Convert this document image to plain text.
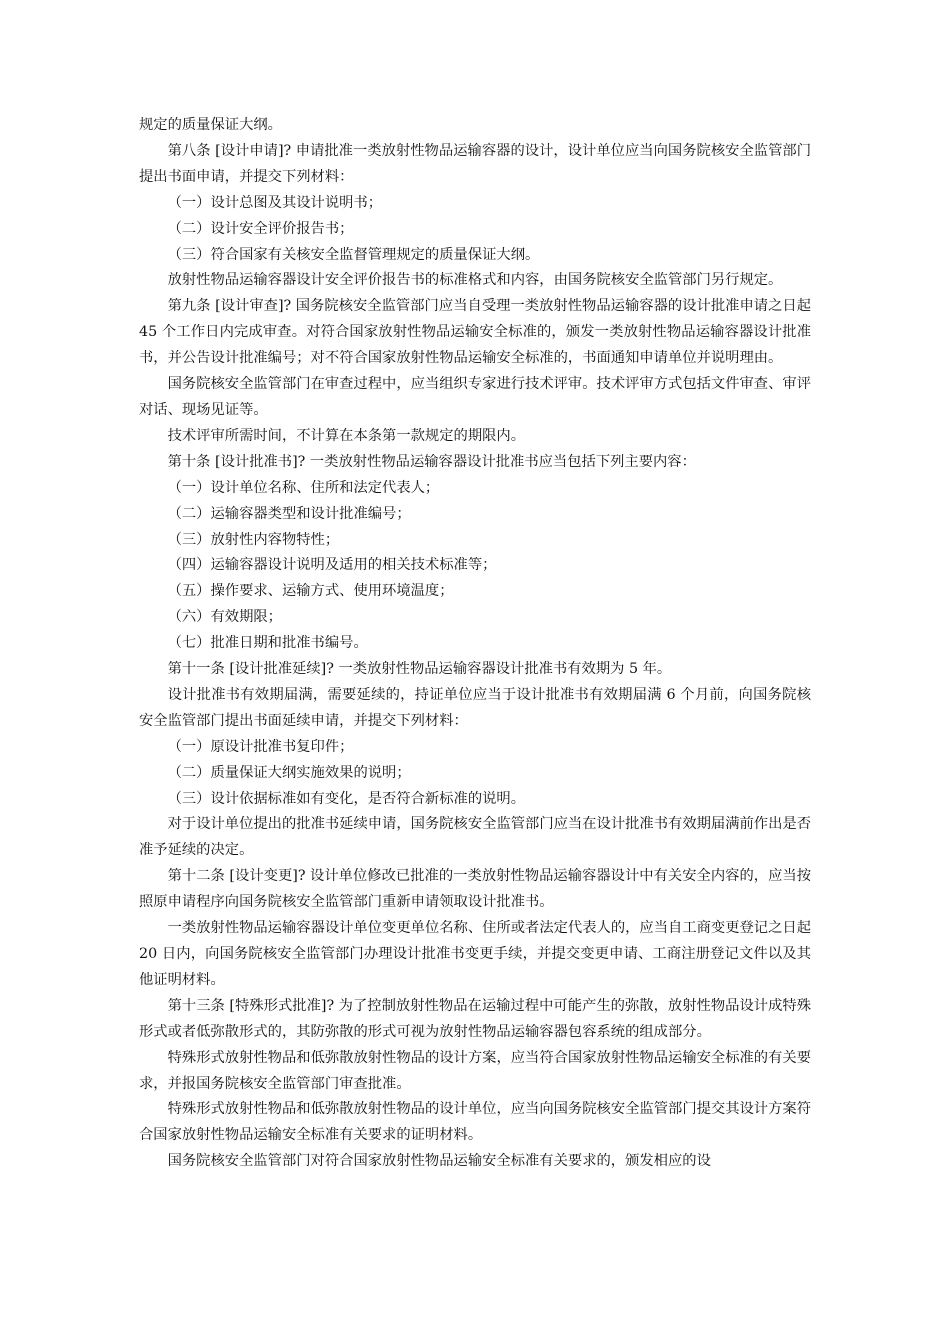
规定的质量保证大纲。

第八条 [设计申请]? 申请批准一类放射性物品运输容器的设计，设计单位应当向国务院核安全监管部门提出书面申请，并提交下列材料：

（一）设计总图及其设计说明书；

（二）设计安全评价报告书；

（三）符合国家有关核安全监督管理规定的质量保证大纲。

放射性物品运输容器设计安全评价报告书的标准格式和内容，由国务院核安全监管部门另行规定。

第九条 [设计审查]? 国务院核安全监管部门应当自受理一类放射性物品运输容器的设计批准申请之日起 45 个工作日内完成审查。对符合国家放射性物品运输安全标准的，颁发一类放射性物品运输容器设计批准书，并公告设计批准编号；对不符合国家放射性物品运输安全标准的，书面通知申请单位并说明理由。

国务院核安全监管部门在审查过程中，应当组织专家进行技术评审。技术评审方式包括文件审查、审评对话、现场见证等。

技术评审所需时间，不计算在本条第一款规定的期限内。

第十条 [设计批准书]? 一类放射性物品运输容器设计批准书应当包括下列主要内容：

（一）设计单位名称、住所和法定代表人；

（二）运输容器类型和设计批准编号；

（三）放射性内容物特性；

（四）运输容器设计说明及适用的相关技术标准等；

（五）操作要求、运输方式、使用环境温度；

（六）有效期限；

（七）批准日期和批准书编号。

第十一条 [设计批准延续]? 一类放射性物品运输容器设计批准书有效期为 5 年。

设计批准书有效期届满，需要延续的，持证单位应当于设计批准书有效期届满 6 个月前，向国务院核安全监管部门提出书面延续申请，并提交下列材料：

（一）原设计批准书复印件；

（二）质量保证大纲实施效果的说明；

（三）设计依据标准如有变化，是否符合新标准的说明。

对于设计单位提出的批准书延续申请，国务院核安全监管部门应当在设计批准书有效期届满前作出是否准予延续的决定。

第十二条 [设计变更]? 设计单位修改已批准的一类放射性物品运输容器设计中有关安全内容的，应当按照原申请程序向国务院核安全监管部门重新申请领取设计批准书。

一类放射性物品运输容器设计单位变更单位名称、住所或者法定代表人的，应当自工商变更登记之日起 20 日内，向国务院核安全监管部门办理设计批准书变更手续，并提交变更申请、工商注册登记文件以及其他证明材料。

第十三条 [特殊形式批准]? 为了控制放射性物品在运输过程中可能产生的弥散，放射性物品设计成特殊形式或者低弥散形式的，其防弥散的形式可视为放射性物品运输容器包容系统的组成部分。

特殊形式放射性物品和低弥散放射性物品的设计方案，应当符合国家放射性物品运输安全标准的有关要求，并报国务院核安全监管部门审查批准。

特殊形式放射性物品和低弥散放射性物品的设计单位，应当向国务院核安全监管部门提交其设计方案符合国家放射性物品运输安全标准有关要求的证明材料。

国务院核安全监管部门对符合国家放射性物品运输安全标准有关要求的，颁发相应的设
